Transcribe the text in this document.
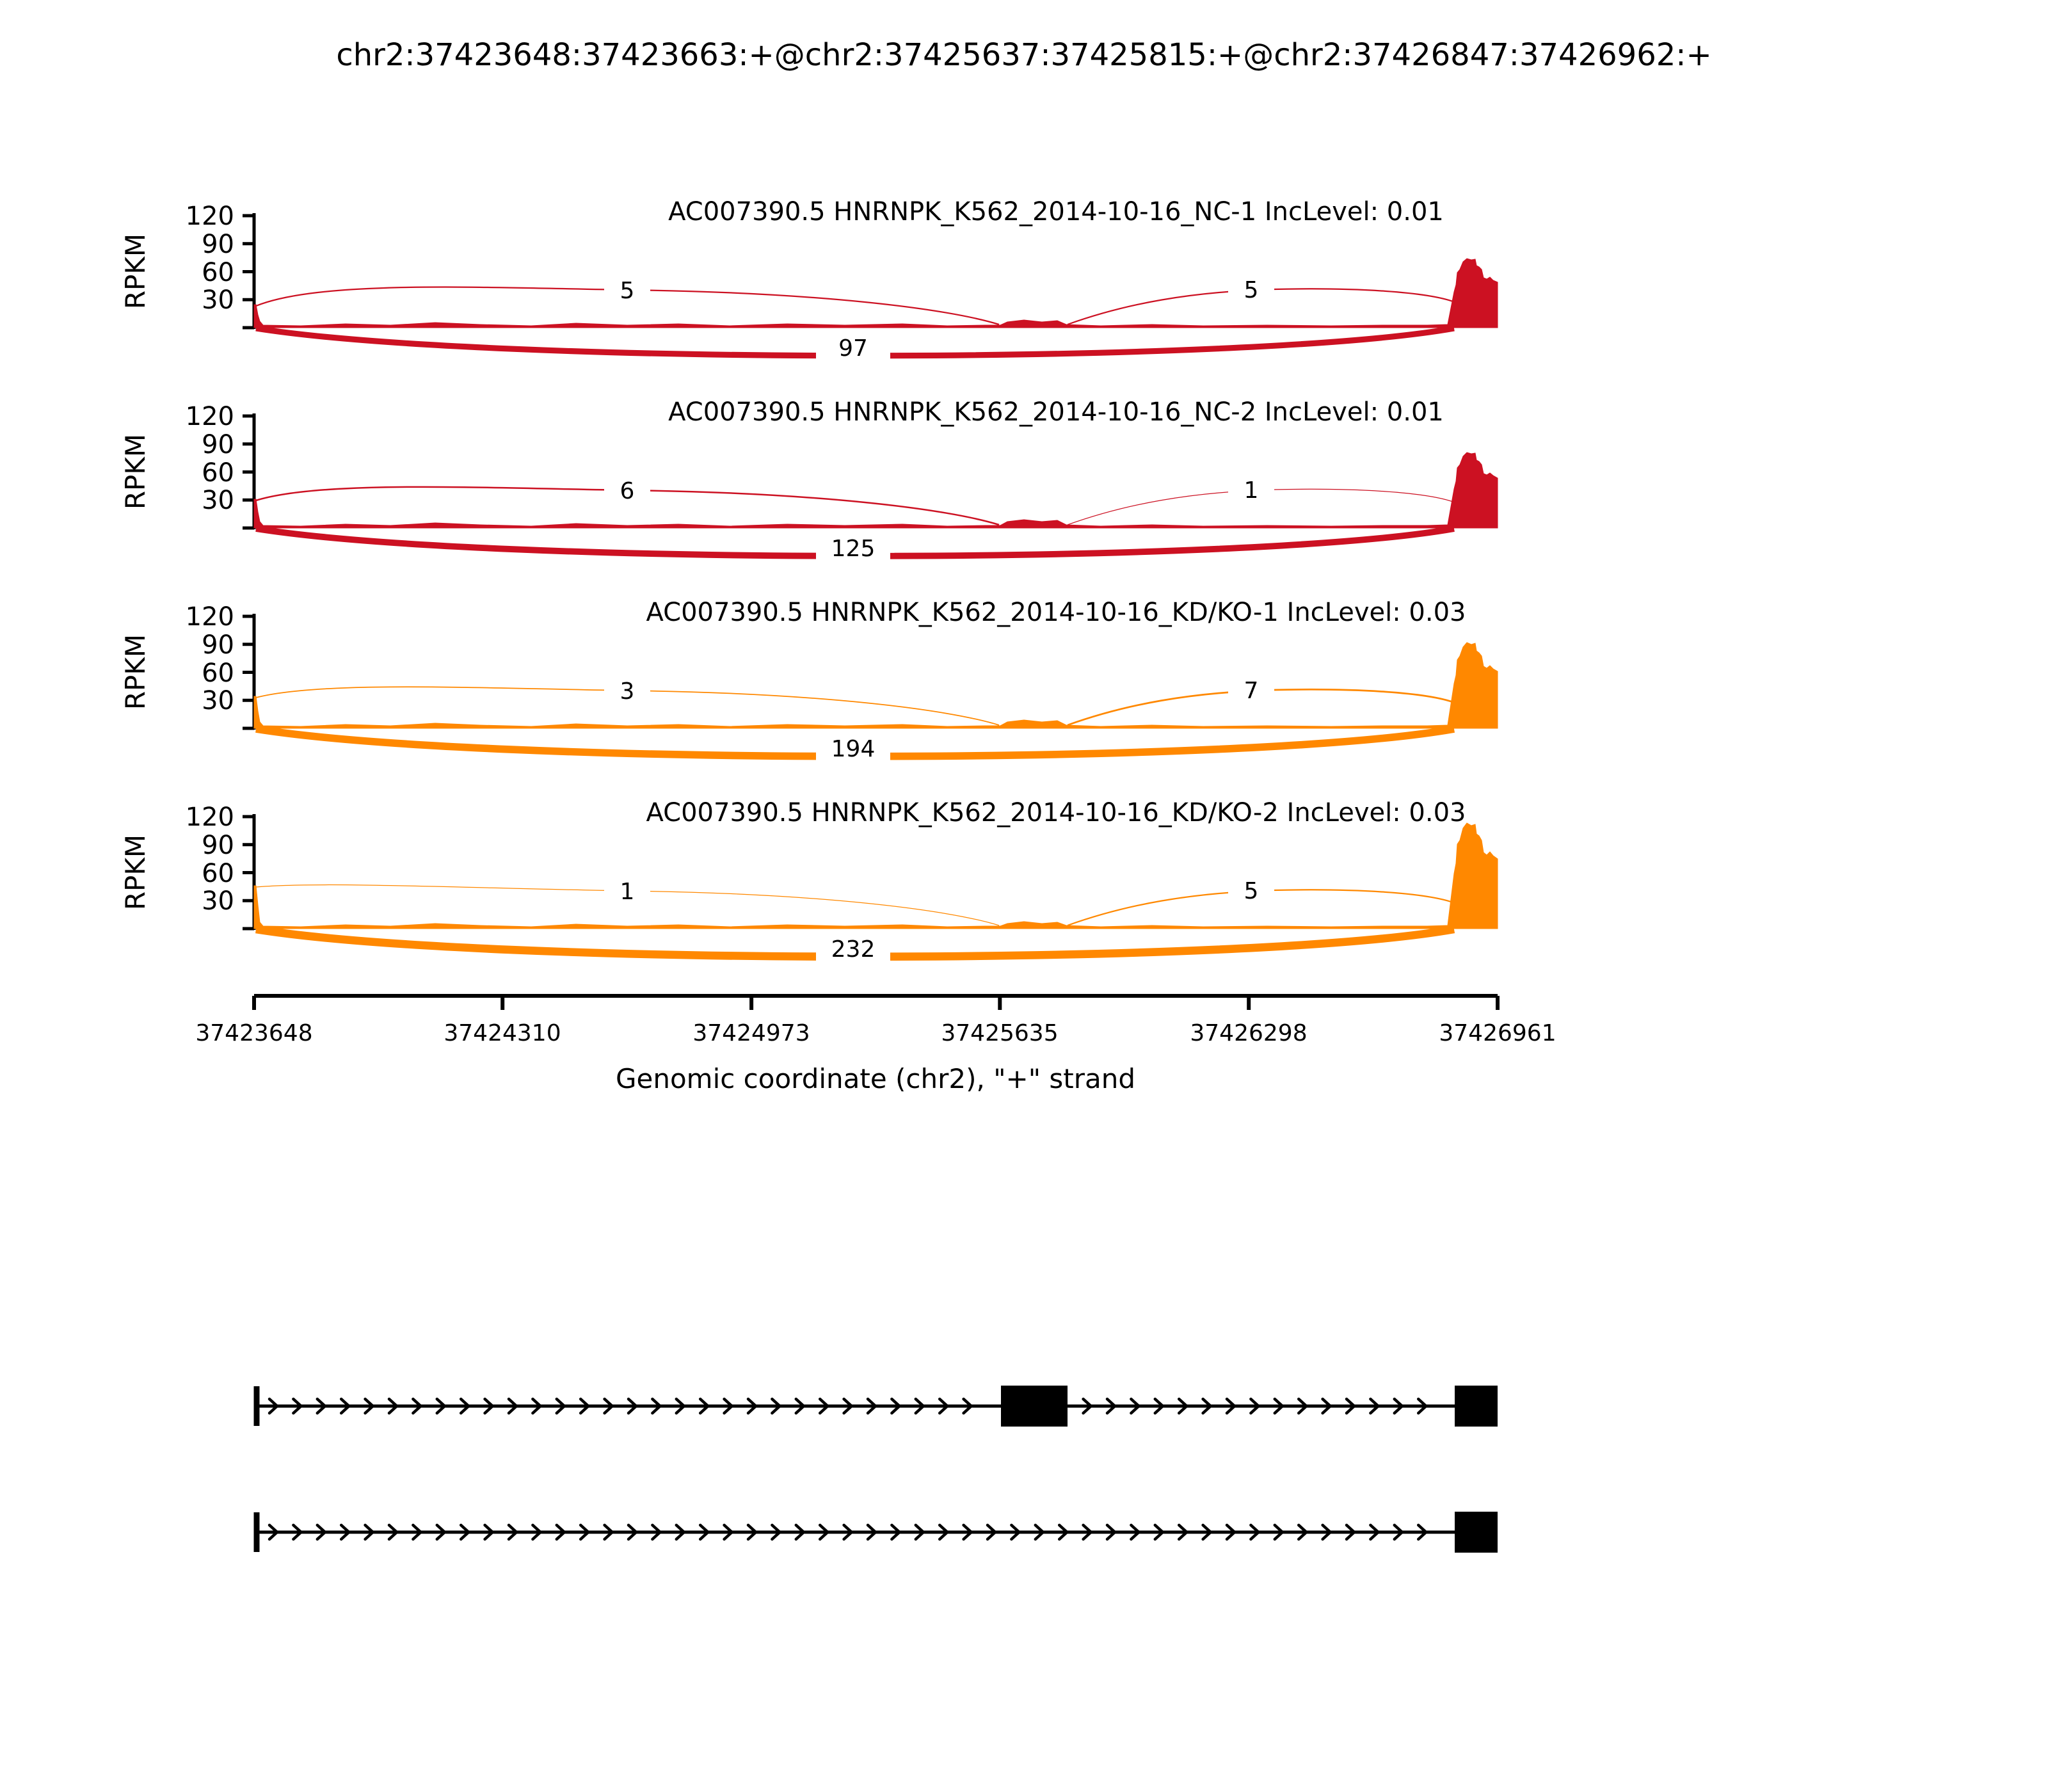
chr2:37423648:37423663:+@chr2:37425637:37425815:+@chr2:37426847:37426962:+
30
60
90
120
RPKM
AC007390.5 HNRNPK_K562_2014-10-16_NC-1 IncLevel: 0.01
5	5
97
30
60
90
120
RPKM
AC007390.5 HNRNPK_K562_2014-10-16_NC-2 IncLevel: 0.01
6	1
125
30
60
90
120
RPKM
AC007390.5 HNRNPK_K562_2014-10-16_KD/KO-1 IncLevel: 0.03
3	7
194
30
60
90
120
RPKM
AC007390.5 HNRNPK_K562_2014-10-16_KD/KO-2 IncLevel: 0.03
1	5
232
37423648	37424310	37424973	37425635	37426298	37426961
Genomic coordinate (chr2), "+" strand
